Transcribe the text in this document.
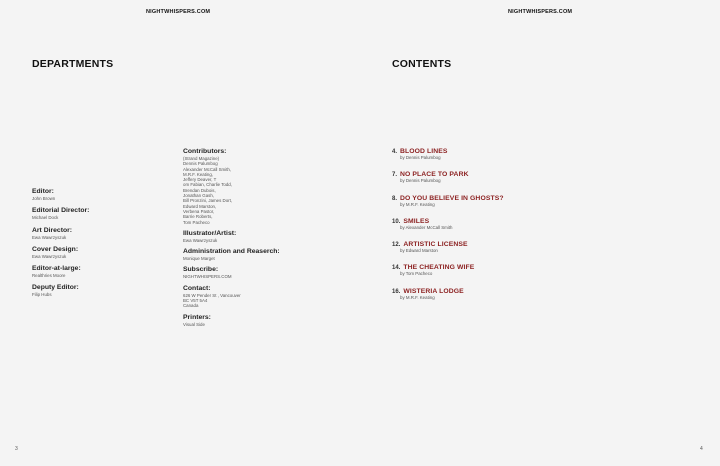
NIGHTWHISPERS.COM
DEPARTMENTS
Editor:
John Brown
Editorial Director:
Michael Dock
Art Director:
Ewa Wawrzyszuk
Cover Design:
Ewa Wawrzyszuk
Editor-at-large:
Realthries Moore
Deputy Editor:
Filip Hubs
Contributors:
(Strand Magazine)
Dennis Palumbog
Alexander McCall Smith,
M.R.F. Keating,
Jeffery Deaver, T
om Fabian, Charlie Todd,
Brendan Dubois,
Jonathan Gash,
Bill Pronzini, James Dort,
Edward Marston,
Verbena Pastor,
Barrie Roberts,
Tom Pacheco
Illustrator/Artist:
Ewa Wawrzyszuk
Administration and Reaserch:
Monique Marget
Subscribe:
NIGHTWHISPERS.COM
Contact:
626 W Pender St , Vancouver
BC V5T 5A4
Canada
Printers:
Visual Side
3
NIGHTWHISPERS.COM
CONTENTS
4. BLOOD LINES
by Dennis Palumbog
7. NO PLACE TO PARK
by Dennis Palumbog
8. DO YOU BELIEVE IN GHOSTS?
by M.R.F. Keating
10. SMILES
by Alexander McCall Smith
12. ARTISTIC LICENSE
by Edward Marston
14. THE CHEATING WIFE
by Tom Pacheco
16. WISTERIA LODGE
by M.R.F. Keating
4
